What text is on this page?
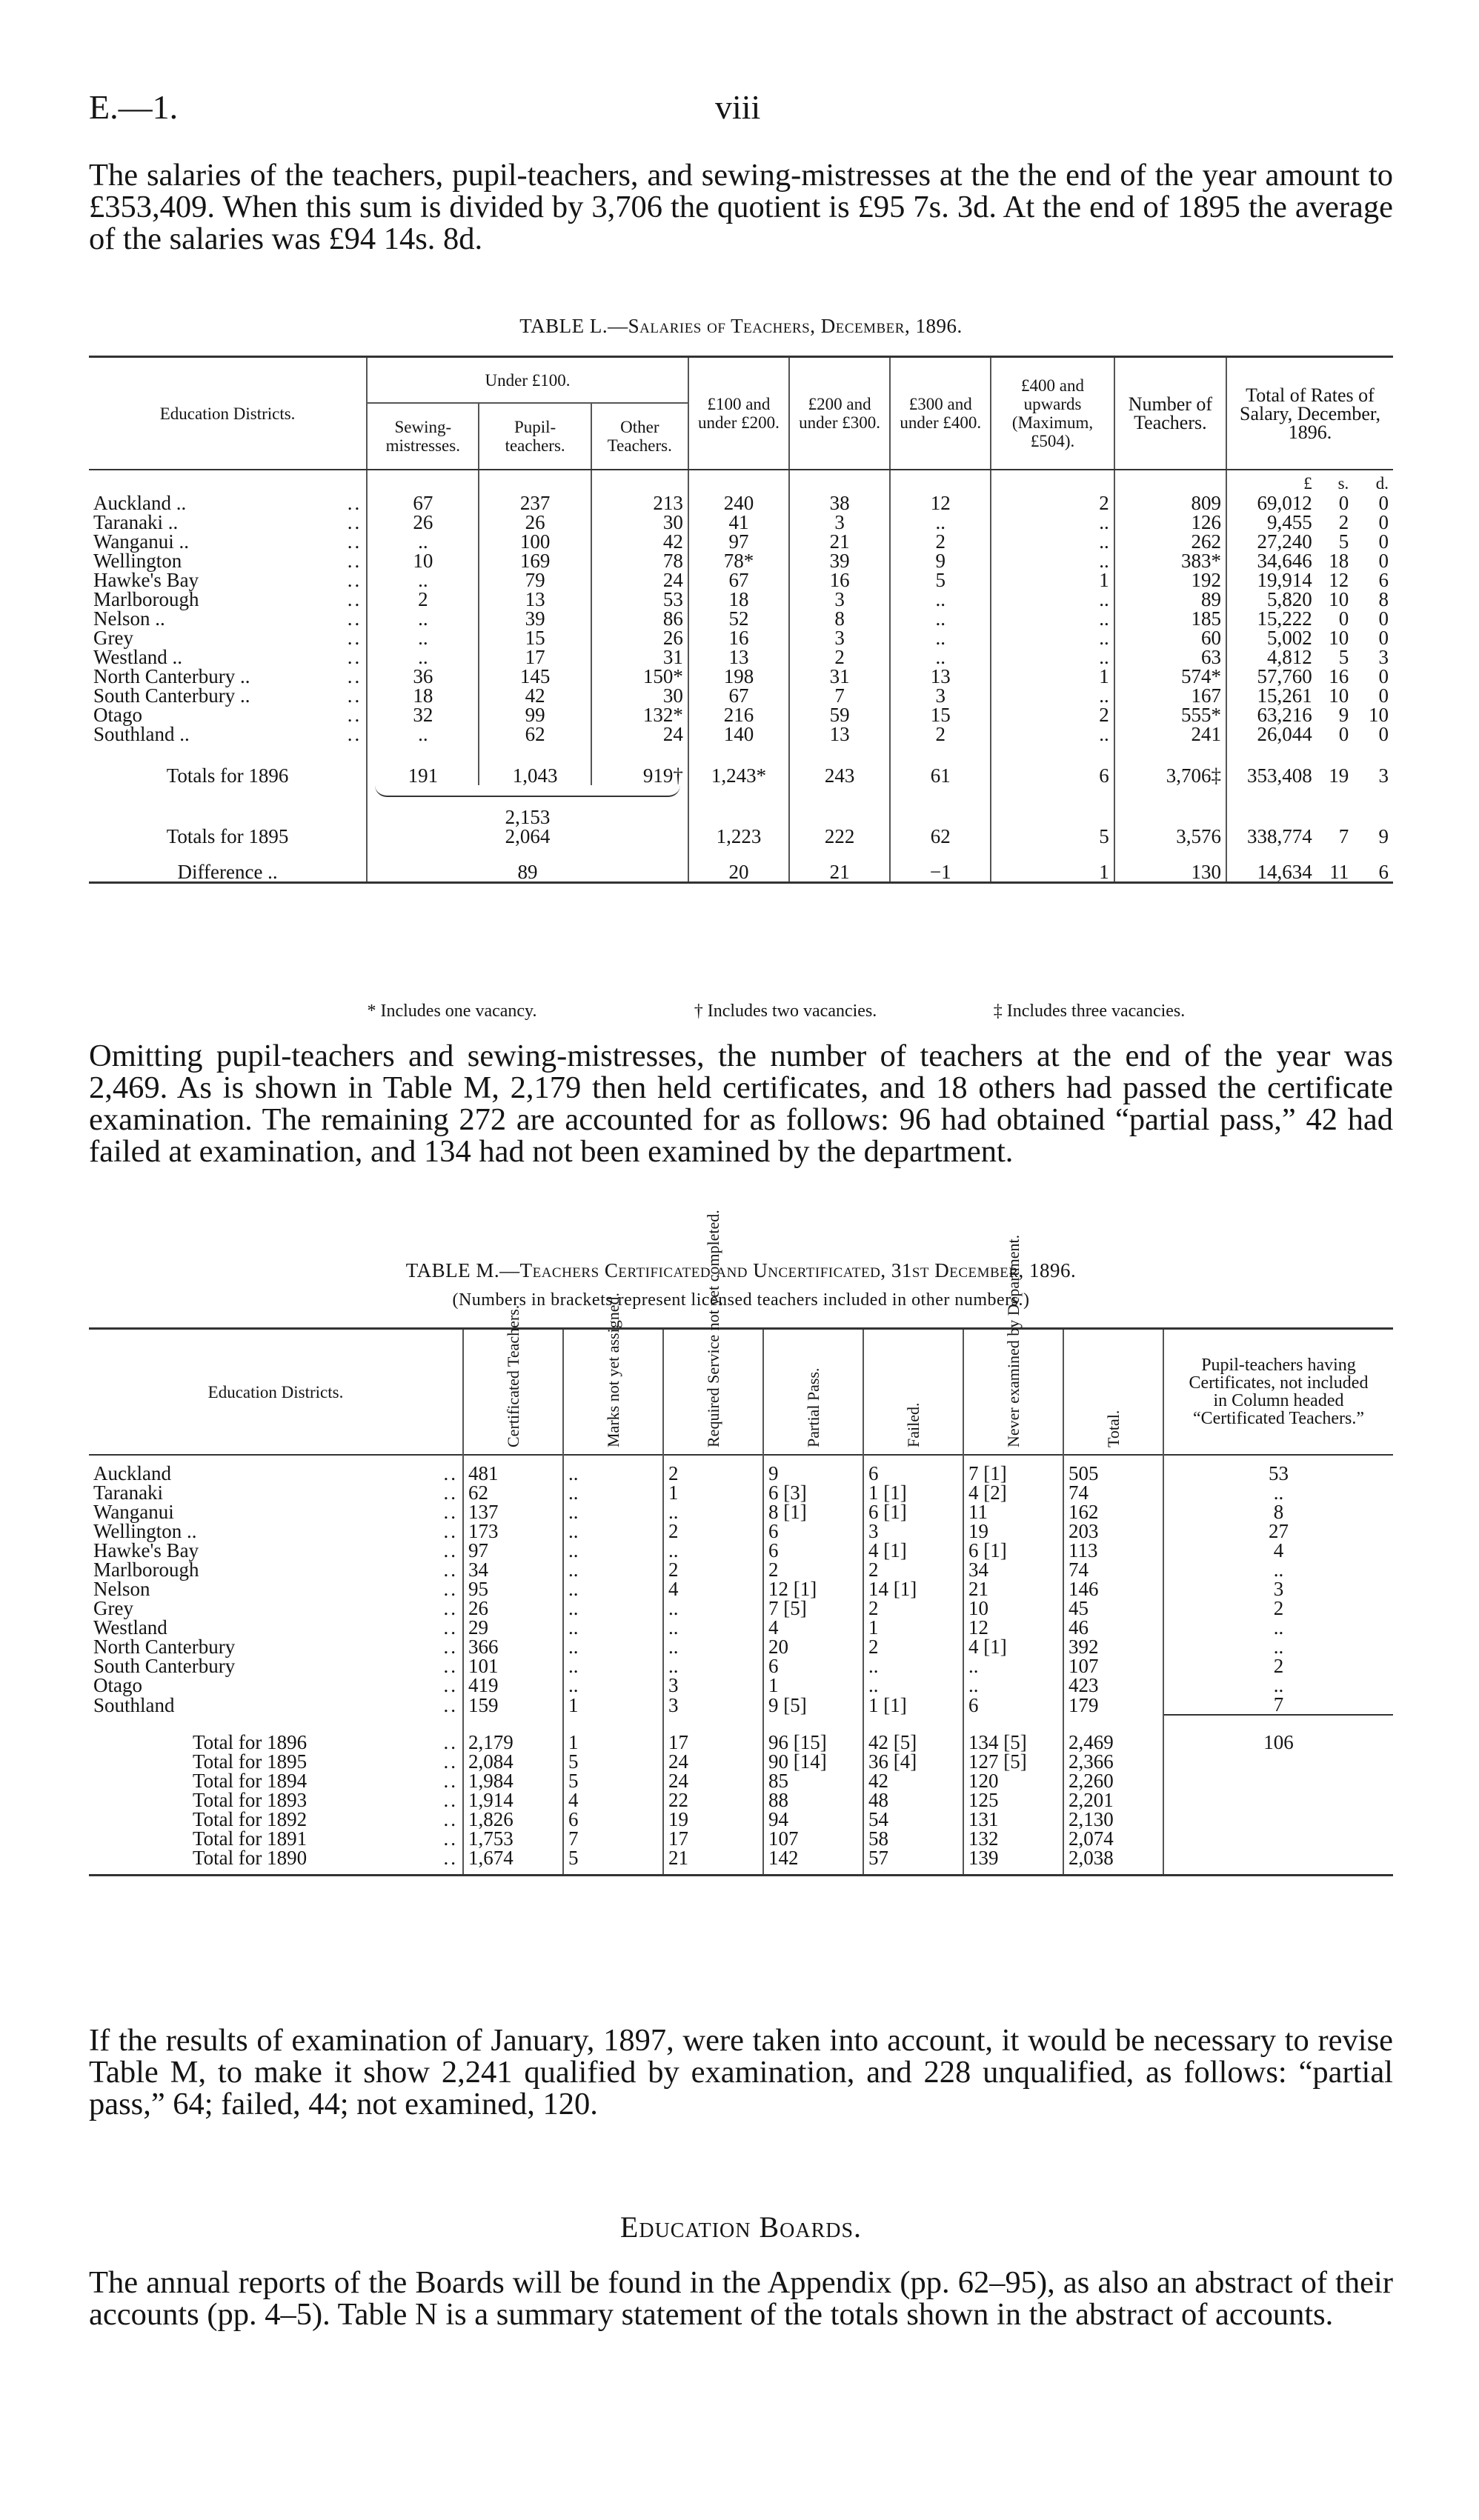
E.—1.	viii

The salaries of the teachers, pupil-teachers, and sewing-mistresses at the the end of the year amount to £353,409. When this sum is divided by 3,706 the quotient is £95 7s. 3d. At the end of 1895 the average of the salaries was £94 14s. 8d.

TABLE L.—Salaries of Teachers, December, 1896.
Education Districts.		Under £100.			£100 and under £200.	£200 and under £300.	£300 and under £400.	£400 and upwards (Maximum, £504).	Number of Teachers.	Total of Rates of Salary, December, 1896.		

		Sewing-mistresses.	Pupil-teachers.	Other Teachers.								

										£	s.	d.
Auckland ..	..	67	237	213	240	38	12	2	809	69,012	0	0
Taranaki ..	..	26	26	30	41	3	..	..	126	9,455	2	0
Wanganui ..	..	..	100	42	97	21	2	..	262	27,240	5	0
Wellington	..	10	169	78	78*	39	9	..	383*	34,646	18	0
Hawke's Bay	..	..	79	24	67	16	5	1	192	19,914	12	6
Marlborough	..	2	13	53	18	3	..	..	89	5,820	10	8
Nelson ..	..	..	39	86	52	8	..	..	185	15,222	0	0
Grey	..	..	15	26	16	3	..	..	60	5,002	10	0
Westland ..	..	..	17	31	13	2	..	..	63	4,812	5	3
North Canterbury ..	..	36	145	150*	198	31	13	1	574*	57,760	16	0
South Canterbury ..	..	18	42	30	67	7	3	..	167	15,261	10	0
Otago	..	32	99	132*	216	59	15	2	555*	63,216	9	10
Southland ..	..	..	62	24	140	13	2	..	241	26,044	0	0

Totals for 1896		191	1,043	919†	1,243*	243	61	6	3,706‡	353,408	19	3

		2,153										
Totals for 1895		2,064			1,223	222	62	5	3,576	338,774	7	9

Difference ..		89			20	21	−1	1	130	14,634	11	6
* Includes one vacancy.	† Includes two vacancies.	‡ Includes three vacancies.

Omitting pupil-teachers and sewing-mistresses, the number of teachers at the end of the year was 2,469. As is shown in Table M, 2,179 then held certificates, and 18 others had passed the certificate examination. The remaining 272 are accounted for as follows: 96 had obtained “partial pass,” 42 had failed at examination, and 134 had not been examined by the department.

TABLE M.—Teachers Certificated and Uncertificated, 31st December, 1896.
(Numbers in brackets represent licensed teachers included in other numbers.)
Education Districts.		Certificated Teachers.	Marks not yet assigned.	Required Service not yet completed.	Partial Pass.	Failed.	Never examined by Department.	Total.	Pupil-teachers having Certificates, not included in Column headed “Certificated Teachers.”

Auckland	..	481	..	2	9	6	7 [1]	505	53
Taranaki	..	62	..	1	6 [3]	1 [1]	4 [2]	74	..
Wanganui	..	137	..	..	8 [1]	6 [1]	11	162	8
Wellington ..	..	173	..	2	6	3	19	203	27
Hawke's Bay	..	97	..	..	6	4 [1]	6 [1]	113	4
Marlborough	..	34	..	2	2	2	34	74	..
Nelson	..	95	..	4	12 [1]	14 [1]	21	146	3
Grey	..	26	..	..	7 [5]	2	10	45	2
Westland	..	29	..	..	4	1	12	46	..
North Canterbury	..	366	..	..	20	2	4 [1]	392	..
South Canterbury	..	101	..	..	6	..	..	107	2
Otago	..	419	..	3	1	..	..	423	..
Southland	..	159	1	3	9 [5]	1 [1]	6	179	7

Total for 1896	..	2,179	1	17	96 [15]	42 [5]	134 [5]	2,469	106
Total for 1895	..	2,084	5	24	90 [14]	36 [4]	127 [5]	2,366	
Total for 1894	..	1,984	5	24	85	42	120	2,260	
Total for 1893	..	1,914	4	22	88	48	125	2,201	
Total for 1892	..	1,826	6	19	94	54	131	2,130	
Total for 1891	..	1,753	7	17	107	58	132	2,074	
Total for 1890	..	1,674	5	21	142	57	139	2,038	

If the results of examination of January, 1897, were taken into account, it would be necessary to revise Table M, to make it show 2,241 qualified by examination, and 228 unqualified, as follows: “partial pass,” 64; failed, 44; not examined, 120.

Education Boards.

The annual reports of the Boards will be found in the Appendix (pp. 62–95), as also an abstract of their accounts (pp. 4–5). Table N is a summary statement of the totals shown in the abstract of accounts.
